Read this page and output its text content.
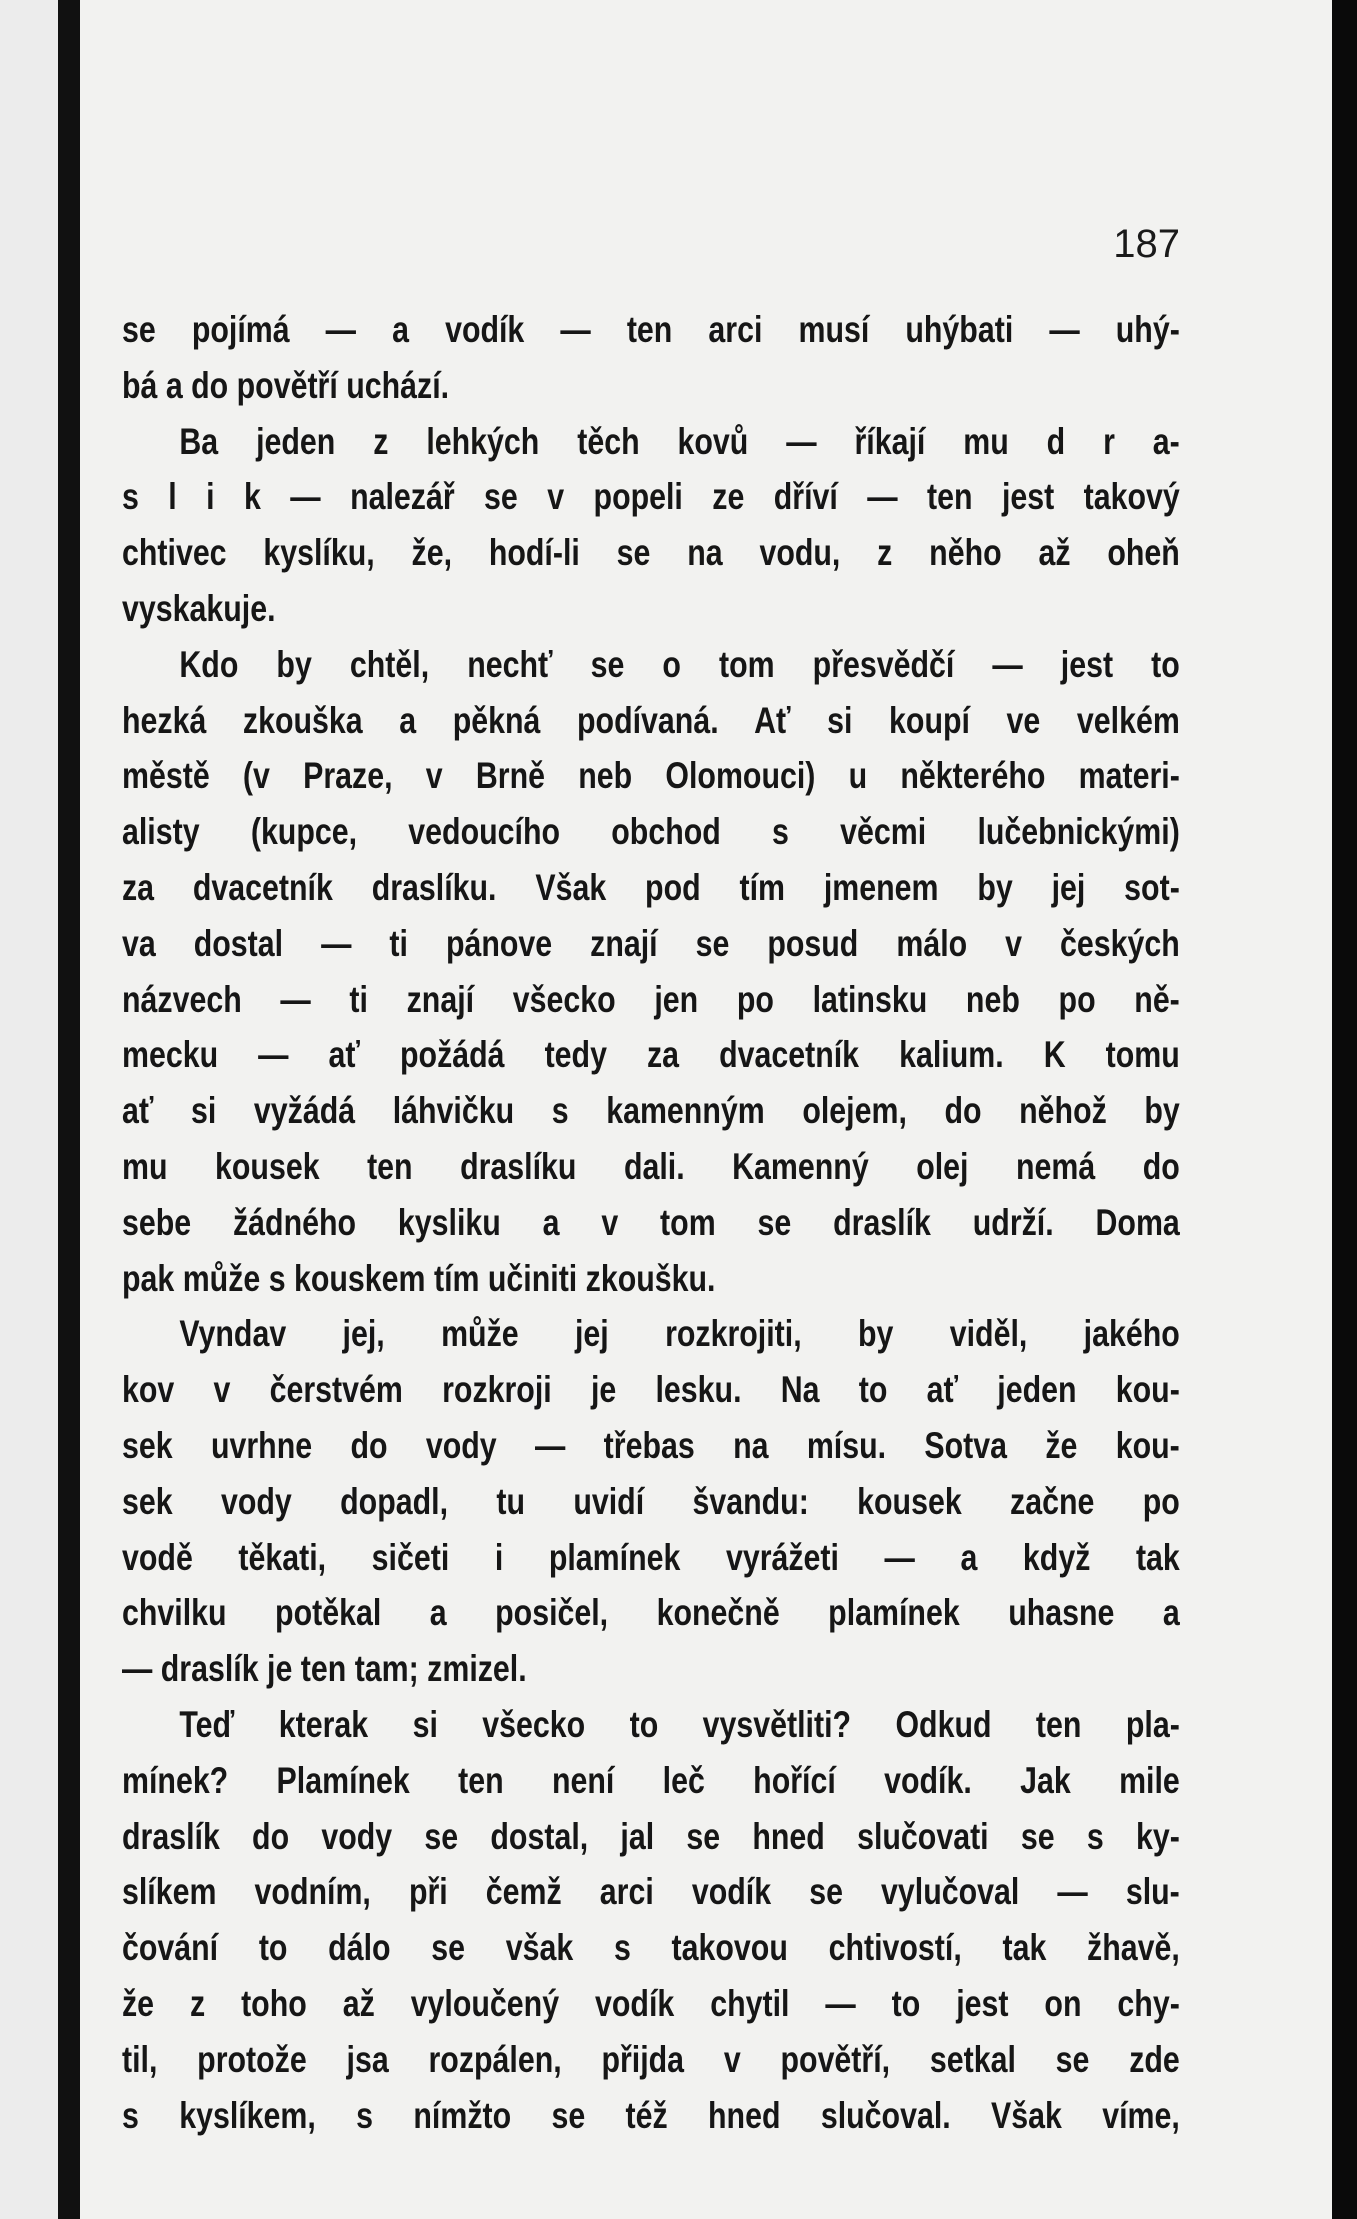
187
se pojímá — a vodík — ten arci musí uhýbati — uhý-
bá a do povětří uchází.
Ba jeden z lehkých těch kovů — říkají mu d r a-
s l i k — nalezář se v popeli ze dříví — ten jest takový
chtivec kyslíku, že, hodí-li se na vodu, z něho až oheň
vyskakuje.
Kdo by chtěl, nechť se o tom přesvědčí — jest to
hezká zkouška a pěkná podívaná. Ať si koupí ve velkém
městě (v Praze, v Brně neb Olomouci) u některého materi-
alisty (kupce, vedoucího obchod s věcmi lučebnickými)
za dvacetník draslíku. Však pod tím jmenem by jej sot-
va dostal — ti pánove znají se posud málo v českých
názvech — ti znají všecko jen po latinsku neb po ně-
mecku — ať požádá tedy za dvacetník kalium. K tomu
ať si vyžádá láhvičku s kamenným olejem, do něhož by
mu kousek ten draslíku dali. Kamenný olej nemá do
sebe žádného kysliku a v tom se draslík udrží. Doma
pak může s kouskem tím učiniti zkoušku.
Vyndav jej, může jej rozkrojiti, by viděl, jakého
kov v čerstvém rozkroji je lesku. Na to ať jeden kou-
sek uvrhne do vody — třebas na mísu. Sotva že kou-
sek vody dopadl, tu uvidí švandu: kousek začne po
vodě těkati, sičeti i plamínek vyrážeti — a když tak
chvilku potěkal a posičel, konečně plamínek uhasne a
— draslík je ten tam; zmizel.
Teď kterak si všecko to vysvětliti? Odkud ten pla-
mínek? Plamínek ten není leč hořící vodík. Jak mile
draslík do vody se dostal, jal se hned slučovati se s ky-
slíkem vodním, při čemž arci vodík se vylučoval — slu-
čování to dálo se však s takovou chtivostí, tak žhavě,
že z toho až vyloučený vodík chytil — to jest on chy-
til, protože jsa rozpálen, přijda v povětří, setkal se zde
s kyslíkem, s nímžto se též hned slučoval. Však víme,
